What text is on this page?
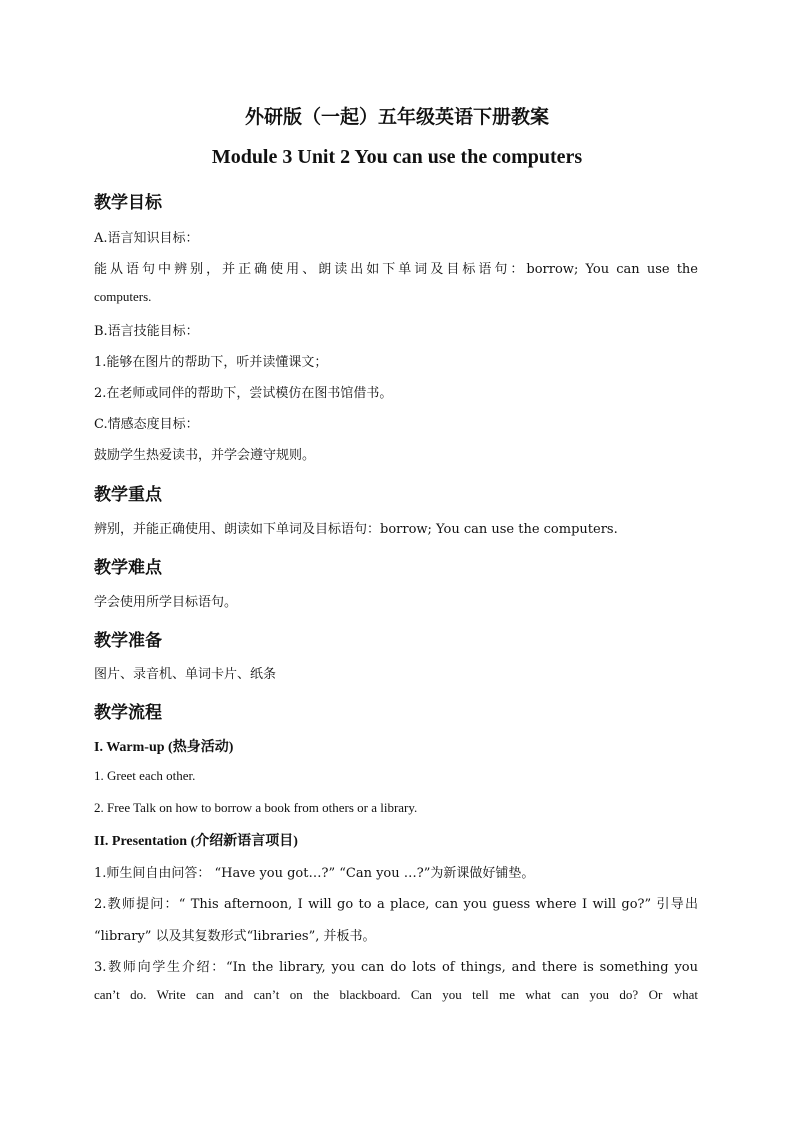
外研版（一起）五年级英语下册教案
Module 3 Unit 2 You can use the computers
教学目标
A.语言知识目标：
能从语句中辨别，并正确使用、朗读出如下单词及目标语句：borrow; You can use the
computers.
B.语言技能目标：
1.能够在图片的帮助下，听并读懂课文；
2.在老师或同伴的帮助下，尝试模仿在图书馆借书。
C.情感态度目标：
鼓励学生热爱读书，并学会遵守规则。
教学重点
辨别，并能正确使用、朗读如下单词及目标语句：borrow; You can use the computers.
教学难点
学会使用所学目标语句。
教学准备
图片、录音机、单词卡片、纸条
教学流程
I. Warm-up (热身活动)
1. Greet each other.
2. Free Talk on how to borrow a book from others or a library.
II. Presentation (介绍新语言项目)
1.师生间自由问答： “Have you got…?” “Can you …?”为新课做好铺垫。
2.教师提问：“ This afternoon, I will go to a place, can you guess where I will go?” 引导出
“library” 以及其复数形式“libraries”, 并板书。
3.教师向学生介绍：“In the library, you can do lots of things, and there is something you
can’t do. Write can and can’t on the blackboard. Can you tell me what can you do? Or what
